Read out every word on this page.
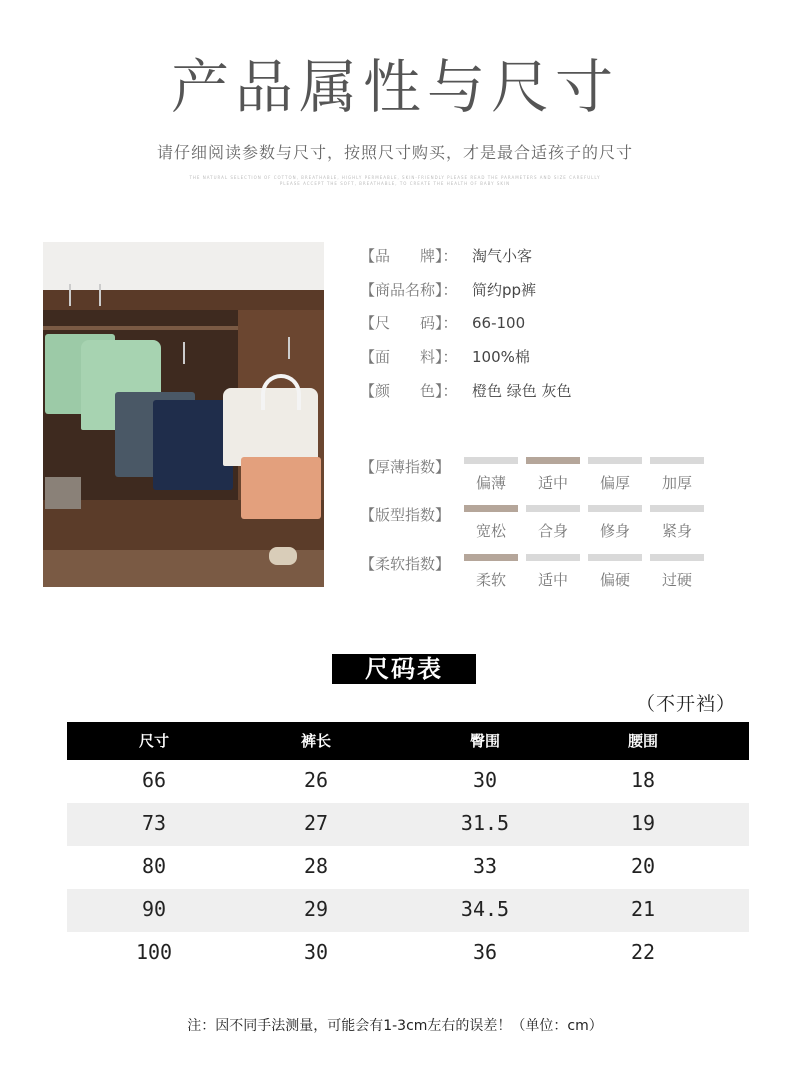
产品属性与尺寸
请仔细阅读参数与尺寸，按照尺寸购买，才是最合适孩子的尺寸
THE NATURAL SELECTION OF COTTON, BREATHABLE, HIGHLY PERMEABLE, SKIN-FRIENDLY PLEASE READ THE PARAMETERS AND SIZE CAREFULLY
PLEASE ACCEPT THE SOFT, BREATHABLE, TO CREATE THE HEALTH OF BABY SKIN
【品　　牌】： 淘气小客
【商品名称】： 简约pp裤
【尺　　码】： 66-100
【面　　料】： 100%棉
【颜　　色】： 橙色 绿色 灰色
【厚薄指数】
偏薄	适中	偏厚	加厚
【版型指数】
宽松	合身	修身	紧身
【柔软指数】
柔软	适中	偏硬	过硬
尺码表
（不开裆）
尺寸	裤长	臀围	腰围
66	26	30	18
73	27	31.5	19
80	28	33	20
90	29	34.5	21
100	30	36	22
注：因不同手法测量，可能会有1-3cm左右的误差！（单位：cm）
